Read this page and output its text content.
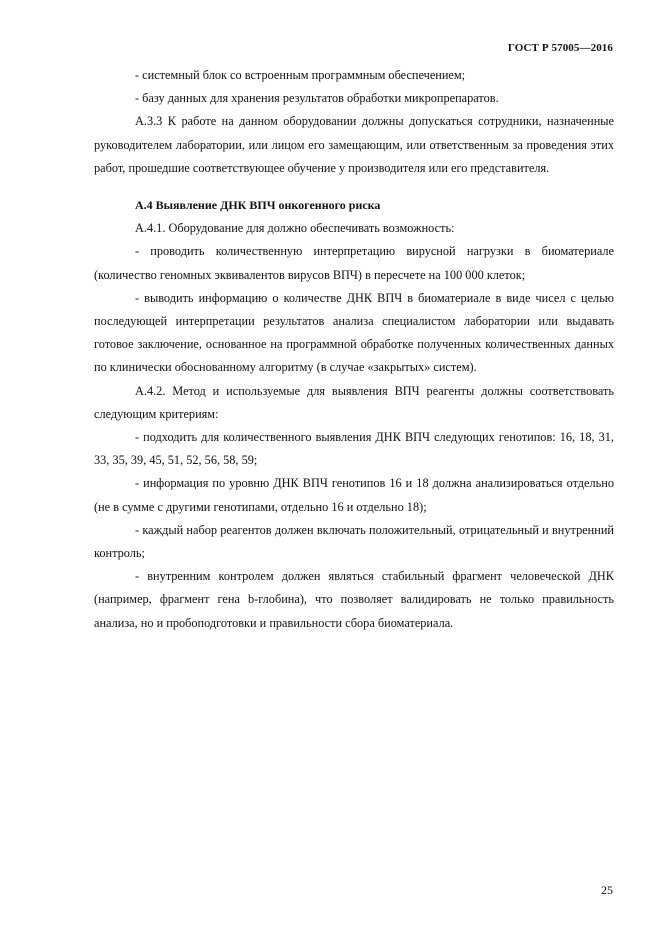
ГОСТ Р 57005—2016

- системный блок со встроенным программным обеспечением;

- базу данных для хранения результатов обработки микропрепаратов.

А.3.3 К работе на данном оборудовании должны допускаться сотрудники, назначенные руководителем лаборатории, или лицом его замещающим, или ответственным за проведения этих работ, прошедшие соответствующее обучение у производителя или его представителя.

А.4 Выявление ДНК ВПЧ онкогенного риска

А.4.1. Оборудование для должно обеспечивать возможность:

- проводить количественную интерпретацию вирусной нагрузки в биоматериале (количество геномных эквивалентов вирусов ВПЧ) в пересчете на 100 000 клеток;

- выводить информацию о количестве ДНК ВПЧ в биоматериале в виде чисел с целью последующей интерпретации результатов анализа специалистом лаборатории или выдавать готовое заключение, основанное на программной обработке полученных количественных данных по клинически обоснованному алгоритму (в случае «закрытых» систем).

А.4.2. Метод и используемые для выявления ВПЧ реагенты должны соответствовать следующим критериям:

- подходить для количественного выявления ДНК ВПЧ следующих генотипов: 16, 18, 31, 33, 35, 39, 45, 51, 52, 56, 58, 59;

- информация по уровню ДНК ВПЧ генотипов 16 и 18 должна анализироваться отдельно (не в сумме с другими генотипами, отдельно 16 и отдельно 18);

- каждый набор реагентов должен включать положительный, отрицательный и внутренний контроль;

- внутренним контролем должен являться стабильный фрагмент человеческой ДНК (например, фрагмент гена b-глобина), что позволяет валидировать не только правильность анализа, но и пробоподготовки и правильности сбора биоматериала.

25
